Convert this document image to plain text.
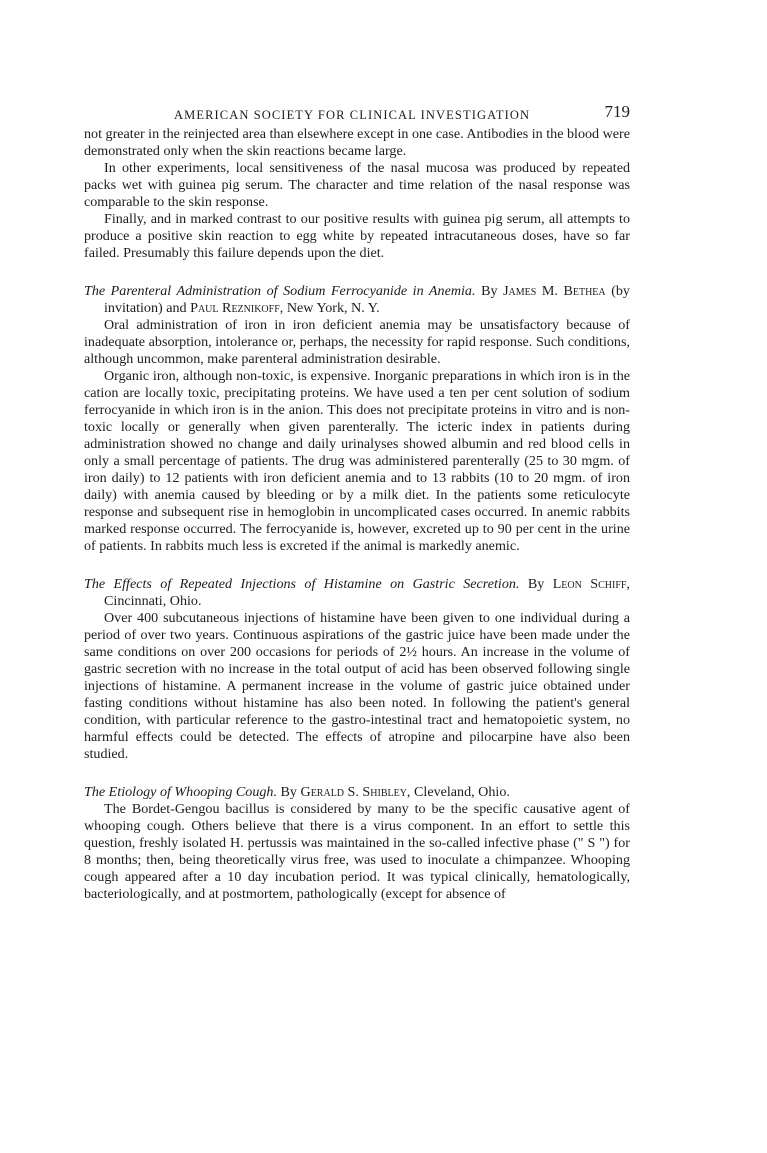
AMERICAN SOCIETY FOR CLINICAL INVESTIGATION	719

not greater in the reinjected area than elsewhere except in one case. Antibodies in the blood were demonstrated only when the skin reactions became large.

In other experiments, local sensitiveness of the nasal mucosa was produced by repeated packs wet with guinea pig serum. The character and time relation of the nasal response was comparable to the skin response.

Finally, and in marked contrast to our positive results with guinea pig serum, all attempts to produce a positive skin reaction to egg white by repeated intracutaneous doses, have so far failed. Presumably this failure depends upon the diet.

The Parenteral Administration of Sodium Ferrocyanide in Anemia. By James M. Bethea (by invitation) and Paul Reznikoff, New York, N. Y.

Oral administration of iron in iron deficient anemia may be unsatisfactory because of inadequate absorption, intolerance or, perhaps, the necessity for rapid response. Such conditions, although uncommon, make parenteral administration desirable.

Organic iron, although non-toxic, is expensive. Inorganic preparations in which iron is in the cation are locally toxic, precipitating proteins. We have used a ten per cent solution of sodium ferrocyanide in which iron is in the anion. This does not precipitate proteins in vitro and is non-toxic locally or generally when given parenterally. The icteric index in patients during administration showed no change and daily urinalyses showed albumin and red blood cells in only a small percentage of patients. The drug was administered parenterally (25 to 30 mgm. of iron daily) to 12 patients with iron deficient anemia and to 13 rabbits (10 to 20 mgm. of iron daily) with anemia caused by bleeding or by a milk diet. In the patients some reticulocyte response and subsequent rise in hemoglobin in uncomplicated cases occurred. In anemic rabbits marked response occurred. The ferrocyanide is, however, excreted up to 90 per cent in the urine of patients. In rabbits much less is excreted if the animal is markedly anemic.

The Effects of Repeated Injections of Histamine on Gastric Secretion. By Leon Schiff, Cincinnati, Ohio.

Over 400 subcutaneous injections of histamine have been given to one individual during a period of over two years. Continuous aspirations of the gastric juice have been made under the same conditions on over 200 occasions for periods of 2½ hours. An increase in the volume of gastric secretion with no increase in the total output of acid has been observed following single injections of histamine. A permanent increase in the volume of gastric juice obtained under fasting conditions without histamine has also been noted. In following the patient's general condition, with particular reference to the gastro-intestinal tract and hematopoietic system, no harmful effects could be detected. The effects of atropine and pilocarpine have also been studied.

The Etiology of Whooping Cough. By Gerald S. Shibley, Cleveland, Ohio.

The Bordet-Gengou bacillus is considered by many to be the specific causative agent of whooping cough. Others believe that there is a virus component. In an effort to settle this question, freshly isolated H. pertussis was maintained in the so-called infective phase (" S ") for 8 months; then, being theoretically virus free, was used to inoculate a chimpanzee. Whooping cough appeared after a 10 day incubation period. It was typical clinically, hematologically, bacteriologically, and at postmortem, pathologically (except for absence of
